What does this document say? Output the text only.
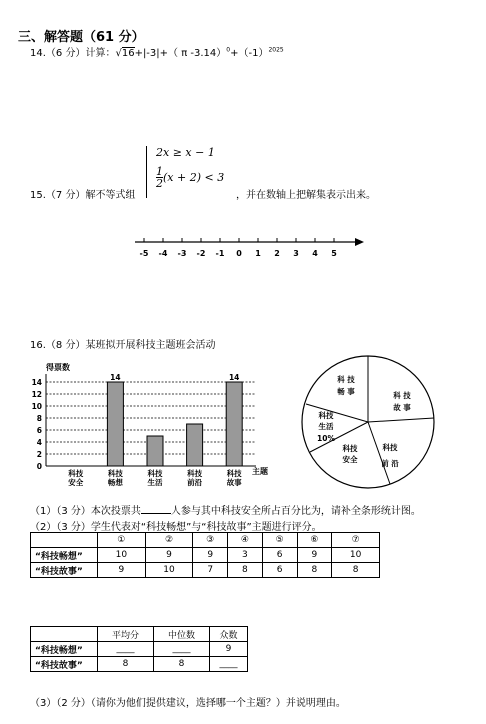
三、解答题（61 分）
14.（6 分）计算：√16+|-3|+（ π $-3.14)^0+(-1)^{2025}$
2x ≥ x − 1
$\frac{1}{2} (x + 2) < 3$
15.（7 分）解不等式组	，并在数轴上把解集表示出来。
-5 -4 -3 -2 -1 0 1 2 3 4 5
16.（8 分）某班拟开展科技主题班会活动
得票数
0
2
4
6
8
10
12
14
14	14
科技
安全
科技
畅想
科技
生活
科技
前沿
科技
故事
主题
科 技
畅 事	科 技
故 事
科技
前 沿
科技
安全
科技
生活
10%
（1）（3 分）本次投票共	人参与其中科技安全所占百分比为，请补全条形统计图。
（2）（3 分）学生代表对“科技畅想”与“科技故事”主题进行评分。
	①	②	③	④	⑤	⑥	⑦
“科技畅想”	10	9	9	3	6	9	10
“科技故事”	9	10	7	8	6	8	8
	平均分	中位数	众数
“科技畅想”	____	____	9
“科技故事”	8	8	____
（3）（2 分）（请你为他们提供建议，选择哪一个主题？）并说明理由。
